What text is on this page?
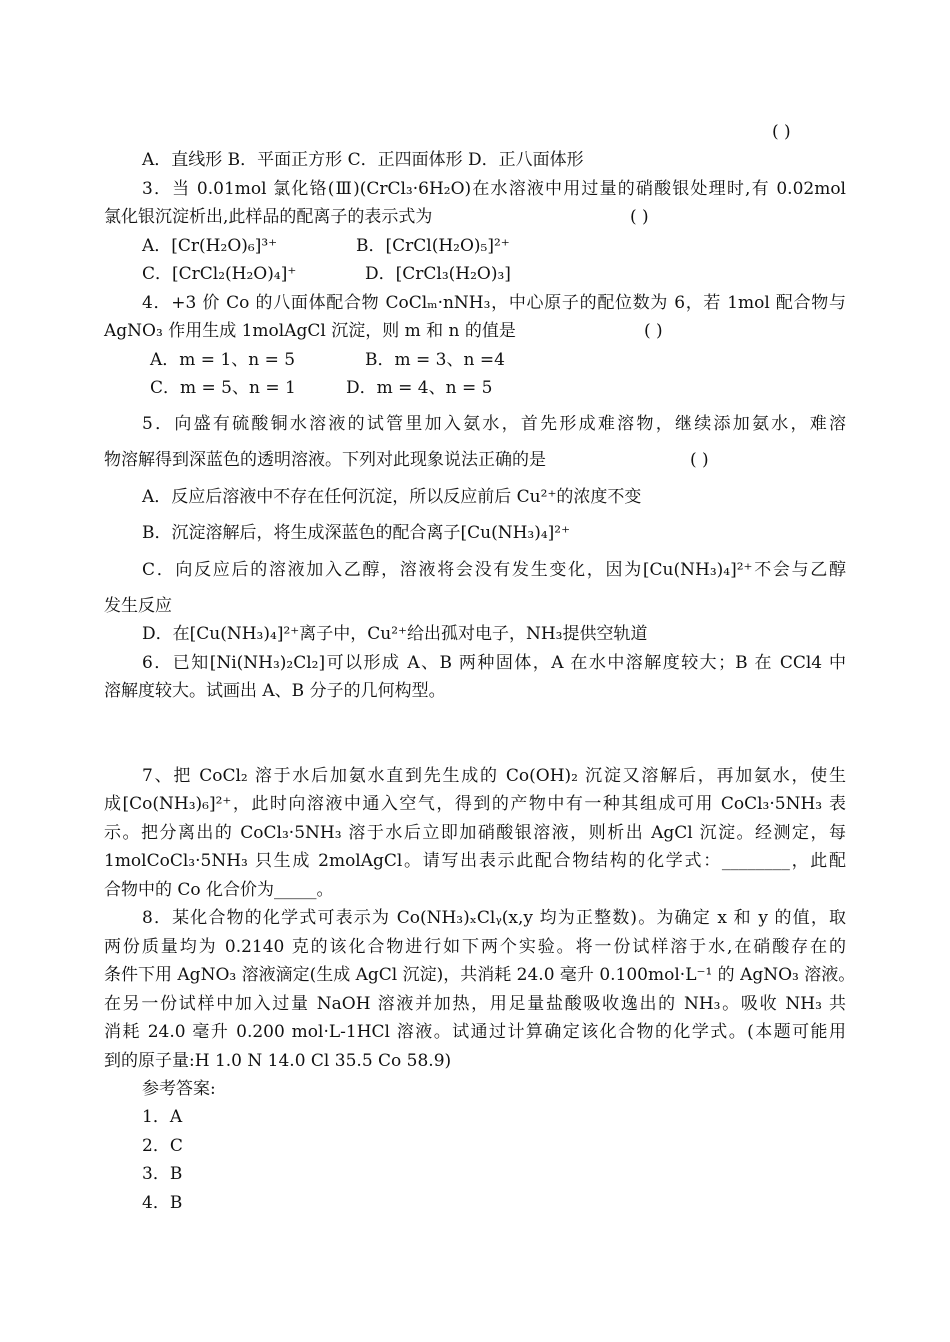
( )
A．直线形 B．平面正方形 C．正四面体形 D．正八面体形
3．当 0.01mol 氯化铬(Ⅲ)(CrCl₃·6H₂O)在水溶液中用过量的硝酸银处理时,有 0.02mol
氯化银沉淀析出,此样品的配离子的表示式为	( )
A．[Cr(H₂O)₆]³⁺	B．[CrCl(H₂O)₅]²⁺
C．[CrCl₂(H₂O)₄]⁺	D．[CrCl₃(H₂O)₃]
4．+3 价 Co 的八面体配合物 CoClₘ·nNH₃，中心原子的配位数为 6，若 1mol 配合物与
AgNO₃ 作用生成 1molAgCl 沉淀，则 m 和 n 的值是	( )
A．m = 1、n = 5	B．m = 3、n =4
C．m = 5、n = 1	D．m = 4、n = 5
5．向盛有硫酸铜水溶液的试管里加入氨水，首先形成难溶物，继续添加氨水，难溶
物溶解得到深蓝色的透明溶液。下列对此现象说法正确的是	( )
A．反应后溶液中不存在任何沉淀，所以反应前后 Cu²⁺的浓度不变
B．沉淀溶解后，将生成深蓝色的配合离子[Cu(NH₃)₄]²⁺
C．向反应后的溶液加入乙醇，溶液将会没有发生变化，因为[Cu(NH₃)₄]²⁺不会与乙醇
发生反应
D．在[Cu(NH₃)₄]²⁺离子中，Cu²⁺给出孤对电子，NH₃提供空轨道
6．已知[Ni(NH₃)₂Cl₂]可以形成 A、B 两种固体，A 在水中溶解度较大；B 在 CCl4 中
溶解度较大。试画出 A、B 分子的几何构型。
7、把 CoCl₂ 溶于水后加氨水直到先生成的 Co(OH)₂ 沉淀又溶解后，再加氨水，使生
成[Co(NH₃)₆]²⁺，此时向溶液中通入空气，得到的产物中有一种其组成可用 CoCl₃·5NH₃ 表
示。把分离出的 CoCl₃·5NH₃ 溶于水后立即加硝酸银溶液，则析出 AgCl 沉淀。经测定，每
1molCoCl₃·5NH₃ 只生成 2molAgCl。请写出表示此配合物结构的化学式：________，此配
合物中的 Co 化合价为_____。
8．某化合物的化学式可表示为 Co(NH₃)ₓClᵧ(x,y 均为正整数)。为确定 x 和 y 的值，取
两份质量均为 0.2140 克的该化合物进行如下两个实验。将一份试样溶于水,在硝酸存在的
条件下用 AgNO₃ 溶液滴定(生成 AgCl 沉淀)，共消耗 24.0 毫升 0.100mol·L⁻¹ 的 AgNO₃ 溶液。
在另一份试样中加入过量 NaOH 溶液并加热，用足量盐酸吸收逸出的 NH₃。吸收 NH₃ 共
消耗 24.0 毫升 0.200 mol·L-1HCl 溶液。试通过计算确定该化合物的化学式。(本题可能用
到的原子量:H 1.0 N 14.0 Cl 35.5 Co 58.9)
参考答案:
1．A
2．C
3．B
4．B
